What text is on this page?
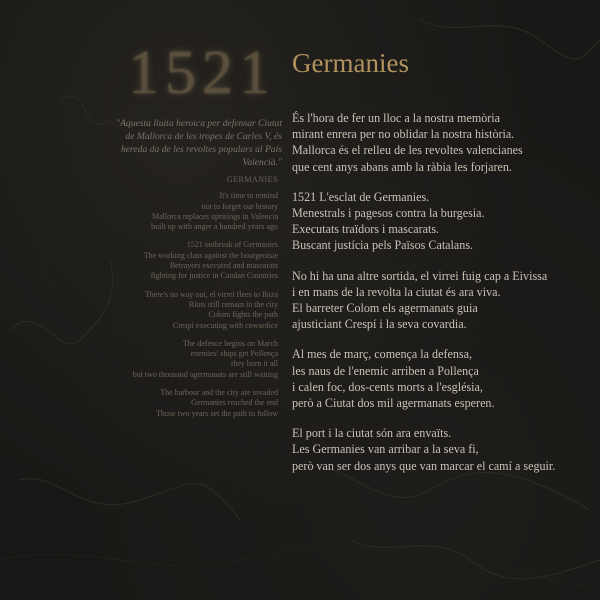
1521 Germanies
"Aquesta lluita heroica per defensar Ciutat de Mallorca de les tropes de Carles V, és hereda da de les revoltes populars al País Valencià."
GERMANIES
It's time to remind
not to forget our history
Mallorca replaces uprisings in Valencia
built up with anger a hundred years ago
1521 outbreak of Germanies
The working class against the bourgeoisie
Betrayers executed and mascarats
fighting for justice in Catalan Countries
There's no way out, el virrei flees to Ibiza
Riots still remain in the city
Colom fights the path
Crespí executing with cowardice
The defence begins on March
enemies' ships get Pollença
they burn it all
but two thousand agermanats are still waiting
The harbour and the city are invaded
Germanies reached the end
Those two years set the path to follow
És l'hora de fer un lloc a la nostra memòria
mirant enrera per no oblidar la nostra història.
Mallorca és el relleu de les revoltes valencianes
que cent anys abans amb la ràbia les forjaren.
1521 L'esclat de Germanies.
Menestrals i pagesos contra la burgesia.
Executats traïdors i mascarats.
Buscant justícia pels Països Catalans.
No hi ha una altre sortida, el virrei fuig cap a Eivissa
i en mans de la revolta la ciutat és ara viva.
El barreter Colom els agermanats guia
ajusticiant Crespí i la seva covardia.
Al mes de març, comença la defensa,
les naus de l'enemic arriben a Pollença
i calen foc, dos-cents morts a l'església,
però a Ciutat dos mil agermanats esperen.
El port i la ciutat són ara envaïts.
Les Germanies van arribar a la seva fi,
però van ser dos anys que van marcar el camí a seguir.
